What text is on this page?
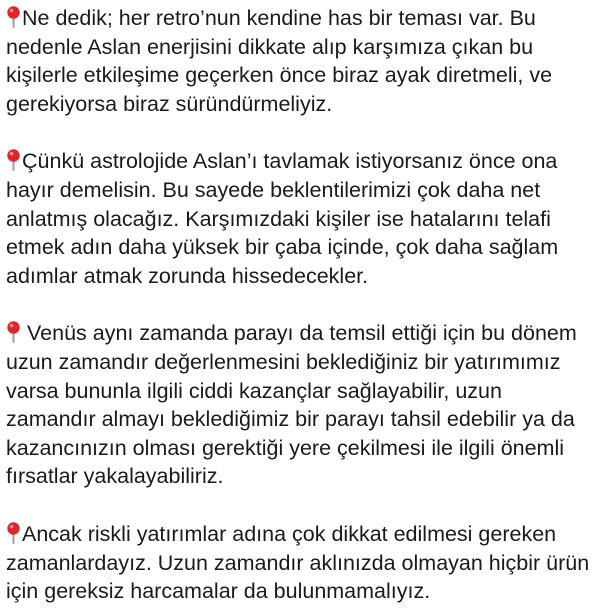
Ne dedik; her retro’nun kendine has bir teması var. Bu nedenle Aslan enerjisini dikkate alıp karşımıza çıkan bu kişilerle etkileşime geçerken önce biraz ayak diretmeli, ve gerekiyorsa biraz süründürmeliyiz.

Çünkü astrolojide Aslan’ı tavlamak istiyorsanız önce ona hayır demelisin. Bu sayede beklentilerimizi çok daha net anlatmış olacağız. Karşımızdaki kişiler ise hatalarını telafi etmek adın daha yüksek bir çaba içinde, çok daha sağlam adımlar atmak zorunda hissedecekler.

Venüs aynı zamanda parayı da temsil ettiği için bu dönem uzun zamandır değerlenmesini beklediğiniz bir yatırımımız varsa bununla ilgili ciddi kazançlar sağlayabilir, uzun zamandır almayı beklediğimiz bir parayı tahsil edebilir ya da kazancınızın olması gerektiği yere çekilmesi ile ilgili önemli fırsatlar yakalayabiliriz.

Ancak riskli yatırımlar adına çok dikkat edilmesi gereken zamanlardayız. Uzun zamandır aklınızda olmayan hiçbir ürün için gereksiz harcamalar da bulunmamalıyız.
